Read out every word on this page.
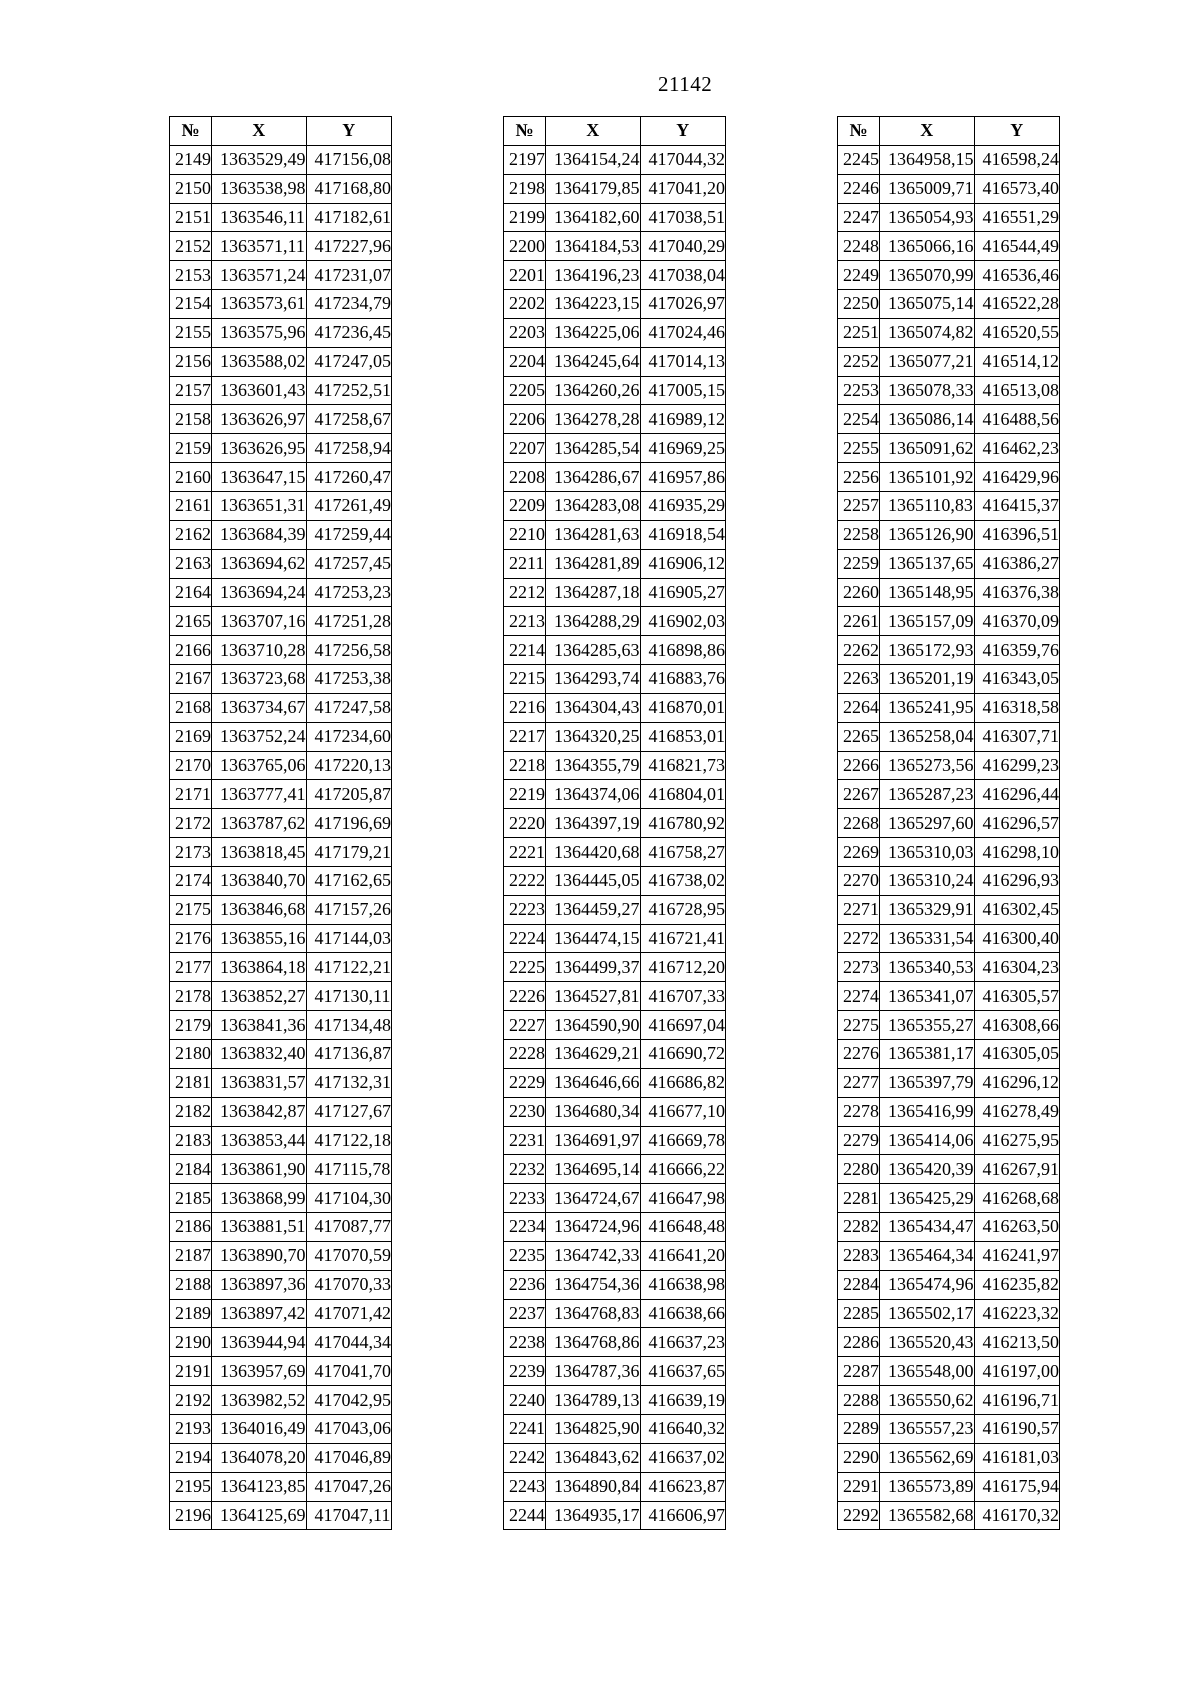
21142
№	X	Y
2149	1363529,49	417156,08
2150	1363538,98	417168,80
2151	1363546,11	417182,61
2152	1363571,11	417227,96
2153	1363571,24	417231,07
2154	1363573,61	417234,79
2155	1363575,96	417236,45
2156	1363588,02	417247,05
2157	1363601,43	417252,51
2158	1363626,97	417258,67
2159	1363626,95	417258,94
2160	1363647,15	417260,47
2161	1363651,31	417261,49
2162	1363684,39	417259,44
2163	1363694,62	417257,45
2164	1363694,24	417253,23
2165	1363707,16	417251,28
2166	1363710,28	417256,58
2167	1363723,68	417253,38
2168	1363734,67	417247,58
2169	1363752,24	417234,60
2170	1363765,06	417220,13
2171	1363777,41	417205,87
2172	1363787,62	417196,69
2173	1363818,45	417179,21
2174	1363840,70	417162,65
2175	1363846,68	417157,26
2176	1363855,16	417144,03
2177	1363864,18	417122,21
2178	1363852,27	417130,11
2179	1363841,36	417134,48
2180	1363832,40	417136,87
2181	1363831,57	417132,31
2182	1363842,87	417127,67
2183	1363853,44	417122,18
2184	1363861,90	417115,78
2185	1363868,99	417104,30
2186	1363881,51	417087,77
2187	1363890,70	417070,59
2188	1363897,36	417070,33
2189	1363897,42	417071,42
2190	1363944,94	417044,34
2191	1363957,69	417041,70
2192	1363982,52	417042,95
2193	1364016,49	417043,06
2194	1364078,20	417046,89
2195	1364123,85	417047,26
2196	1364125,69	417047,11
№	X	Y
2197	1364154,24	417044,32
2198	1364179,85	417041,20
2199	1364182,60	417038,51
2200	1364184,53	417040,29
2201	1364196,23	417038,04
2202	1364223,15	417026,97
2203	1364225,06	417024,46
2204	1364245,64	417014,13
2205	1364260,26	417005,15
2206	1364278,28	416989,12
2207	1364285,54	416969,25
2208	1364286,67	416957,86
2209	1364283,08	416935,29
2210	1364281,63	416918,54
2211	1364281,89	416906,12
2212	1364287,18	416905,27
2213	1364288,29	416902,03
2214	1364285,63	416898,86
2215	1364293,74	416883,76
2216	1364304,43	416870,01
2217	1364320,25	416853,01
2218	1364355,79	416821,73
2219	1364374,06	416804,01
2220	1364397,19	416780,92
2221	1364420,68	416758,27
2222	1364445,05	416738,02
2223	1364459,27	416728,95
2224	1364474,15	416721,41
2225	1364499,37	416712,20
2226	1364527,81	416707,33
2227	1364590,90	416697,04
2228	1364629,21	416690,72
2229	1364646,66	416686,82
2230	1364680,34	416677,10
2231	1364691,97	416669,78
2232	1364695,14	416666,22
2233	1364724,67	416647,98
2234	1364724,96	416648,48
2235	1364742,33	416641,20
2236	1364754,36	416638,98
2237	1364768,83	416638,66
2238	1364768,86	416637,23
2239	1364787,36	416637,65
2240	1364789,13	416639,19
2241	1364825,90	416640,32
2242	1364843,62	416637,02
2243	1364890,84	416623,87
2244	1364935,17	416606,97
№	X	Y
2245	1364958,15	416598,24
2246	1365009,71	416573,40
2247	1365054,93	416551,29
2248	1365066,16	416544,49
2249	1365070,99	416536,46
2250	1365075,14	416522,28
2251	1365074,82	416520,55
2252	1365077,21	416514,12
2253	1365078,33	416513,08
2254	1365086,14	416488,56
2255	1365091,62	416462,23
2256	1365101,92	416429,96
2257	1365110,83	416415,37
2258	1365126,90	416396,51
2259	1365137,65	416386,27
2260	1365148,95	416376,38
2261	1365157,09	416370,09
2262	1365172,93	416359,76
2263	1365201,19	416343,05
2264	1365241,95	416318,58
2265	1365258,04	416307,71
2266	1365273,56	416299,23
2267	1365287,23	416296,44
2268	1365297,60	416296,57
2269	1365310,03	416298,10
2270	1365310,24	416296,93
2271	1365329,91	416302,45
2272	1365331,54	416300,40
2273	1365340,53	416304,23
2274	1365341,07	416305,57
2275	1365355,27	416308,66
2276	1365381,17	416305,05
2277	1365397,79	416296,12
2278	1365416,99	416278,49
2279	1365414,06	416275,95
2280	1365420,39	416267,91
2281	1365425,29	416268,68
2282	1365434,47	416263,50
2283	1365464,34	416241,97
2284	1365474,96	416235,82
2285	1365502,17	416223,32
2286	1365520,43	416213,50
2287	1365548,00	416197,00
2288	1365550,62	416196,71
2289	1365557,23	416190,57
2290	1365562,69	416181,03
2291	1365573,89	416175,94
2292	1365582,68	416170,32
